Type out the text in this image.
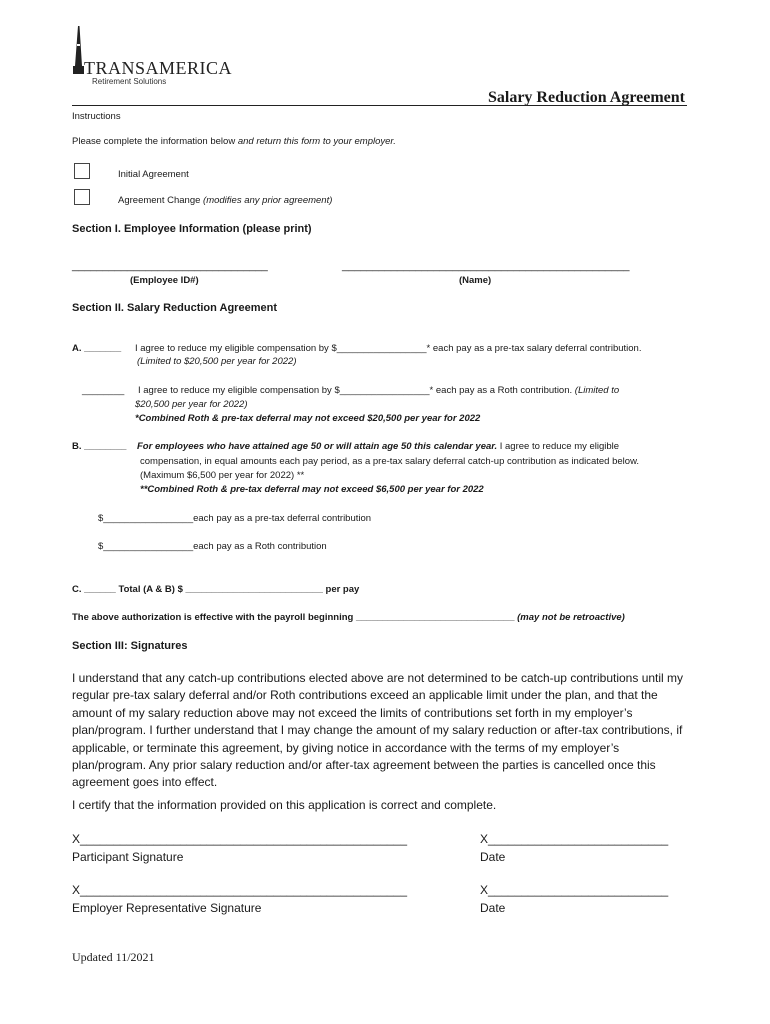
TRANSAMERICA
Retirement Solutions
Salary Reduction Agreement
Instructions
Please complete the information below and return this form to your employer.
Initial Agreement
Agreement Change (modifies any prior agreement)
Section I. Employee Information (please print)
________________________________	_______________________________________________
(Employee ID#)	(Name)
Section II. Salary Reduction Agreement
A. _______ I agree to reduce my eligible compensation by $_________________* each pay as a pre-tax salary deferral contribution.
(Limited to $20,500 per year for 2022)
________ I agree to reduce my eligible compensation by $_________________* each pay as a Roth contribution. (Limited to
$20,500 per year for 2022)
*Combined Roth & pre-tax deferral may not exceed $20,500 per year for 2022
B. ________ For employees who have attained age 50 or will attain age 50 this calendar year. I agree to reduce my eligible
compensation, in equal amounts each pay period, as a pre-tax salary deferral catch-up contribution as indicated below.
(Maximum $6,500 per year for 2022) **
**Combined Roth & pre-tax deferral may not exceed $6,500 per year for 2022
$_________________each pay as a pre-tax deferral contribution
$_________________each pay as a Roth contribution
C. ______ Total (A & B) $ __________________________ per pay
The above authorization is effective with the payroll beginning ______________________________ (may not be retroactive)
Section III: Signatures
I understand that any catch-up contributions elected above are not determined to be catch-up contributions until my regular pre-tax salary deferral and/or Roth contributions exceed an applicable limit under the plan, and that the amount of my salary reduction above may not exceed the limits of contributions set forth in my employer’s plan/program. I further understand that I may change the amount of my salary reduction or after-tax contributions, if applicable, or terminate this agreement, by giving notice in accordance with the terms of my employer’s plan/program. Any prior salary reduction and/or after-tax agreement between the parties is cancelled once this agreement goes into effect.
I certify that the information provided on this application is correct and complete.
X_________________________________________________
Participant Signature
X___________________________
Date
X_________________________________________________
Employer Representative Signature
X___________________________
Date
Updated 11/2021
